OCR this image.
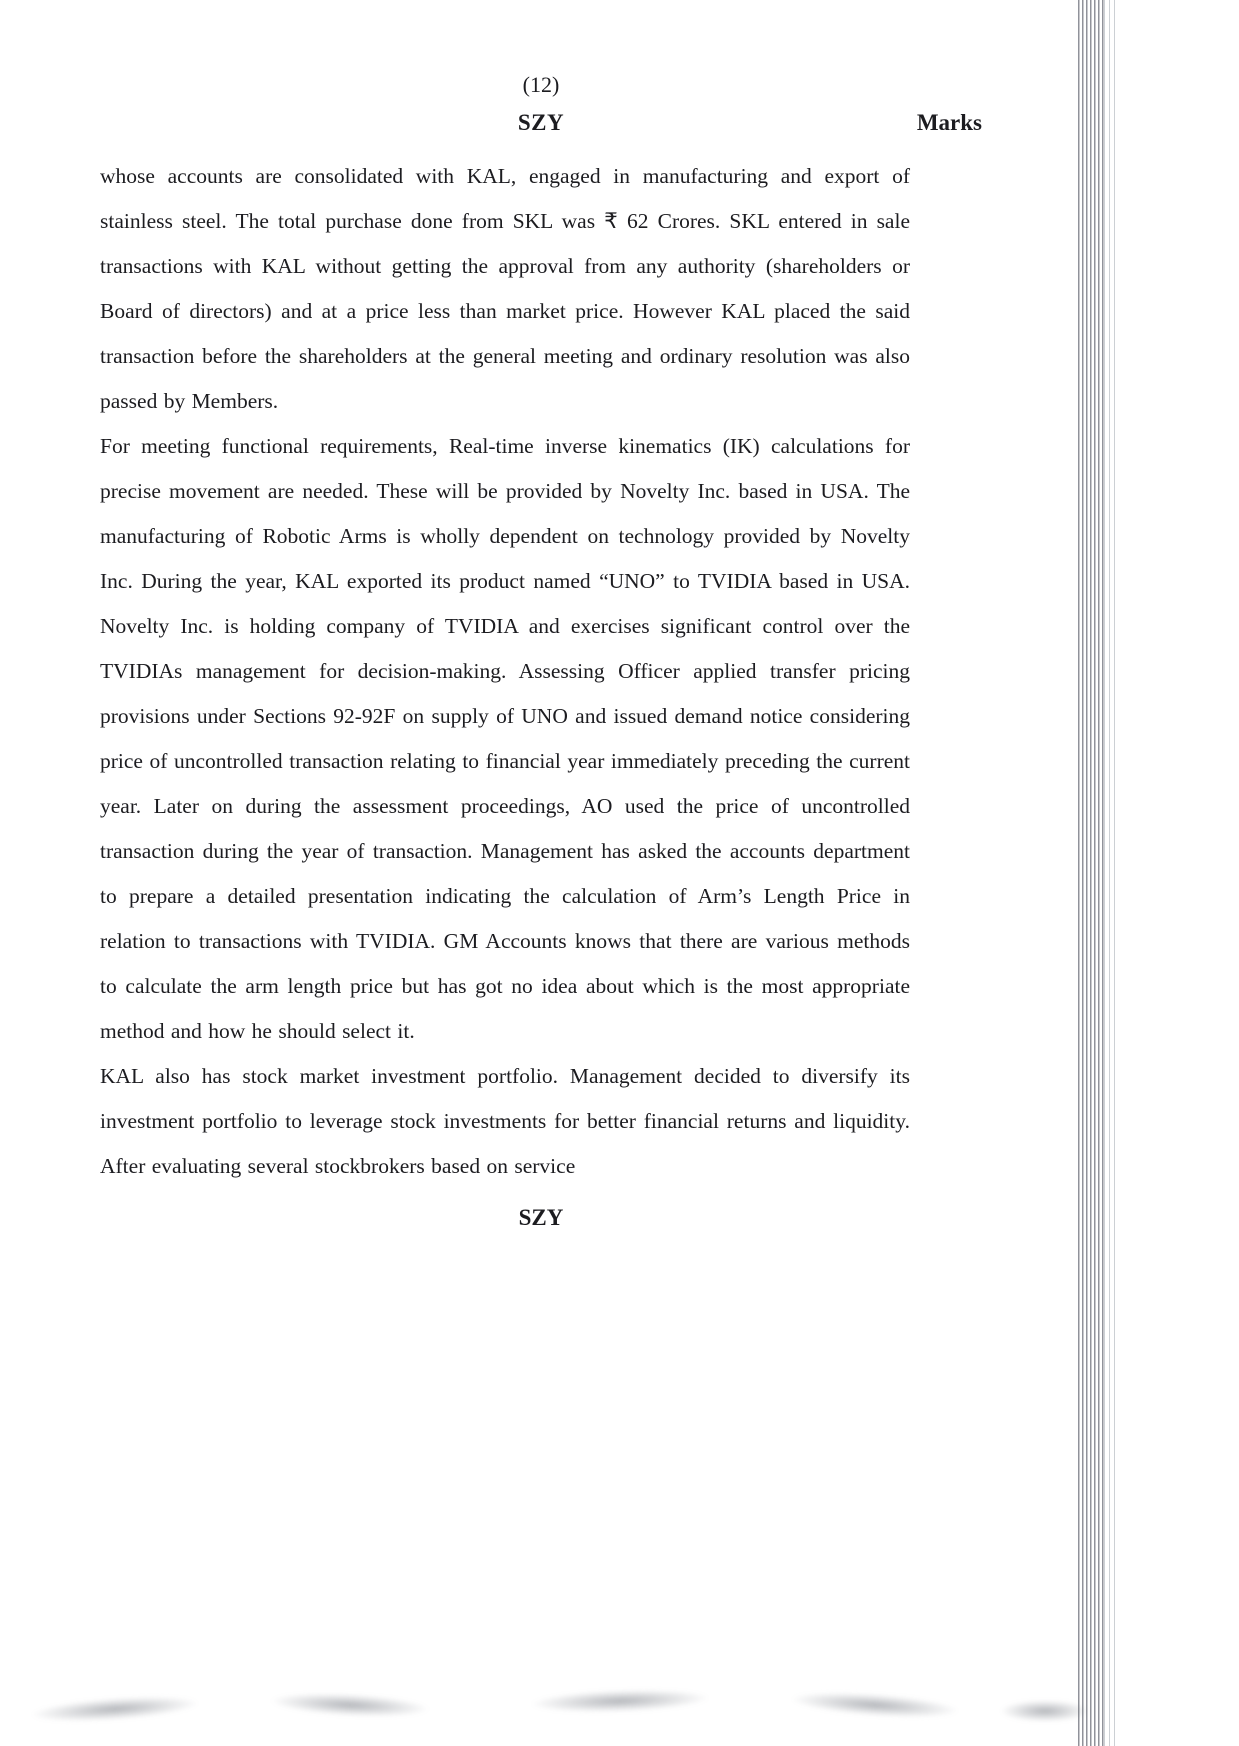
(12)
SZY	Marks

whose accounts are consolidated with KAL, engaged in manufacturing and export of stainless steel. The total purchase done from SKL was ₹ 62 Crores. SKL entered in sale transactions with KAL without getting the approval from any authority (shareholders or Board of directors) and at a price less than market price. However KAL placed the said transaction before the shareholders at the general meeting and ordinary resolution was also passed by Members.

For meeting functional requirements, Real-time inverse kinematics (IK) calculations for precise movement are needed. These will be provided by Novelty Inc. based in USA. The manufacturing of Robotic Arms is wholly dependent on technology provided by Novelty Inc. During the year, KAL exported its product named “UNO” to TVIDIA based in USA. Novelty Inc. is holding company of TVIDIA and exercises significant control over the TVIDIAs management for decision-making. Assessing Officer applied transfer pricing provisions under Sections 92-92F on supply of UNO and issued demand notice considering price of uncontrolled transaction relating to financial year immediately preceding the current year. Later on during the assessment proceedings, AO used the price of uncontrolled transaction during the year of transaction. Management has asked the accounts department to prepare a detailed presentation indicating the calculation of Arm’s Length Price in relation to transactions with TVIDIA. GM Accounts knows that there are various methods to calculate the arm length price but has got no idea about which is the most appropriate method and how he should select it.

KAL also has stock market investment portfolio. Management decided to diversify its investment portfolio to leverage stock investments for better financial returns and liquidity. After evaluating several stockbrokers based on service

SZY
